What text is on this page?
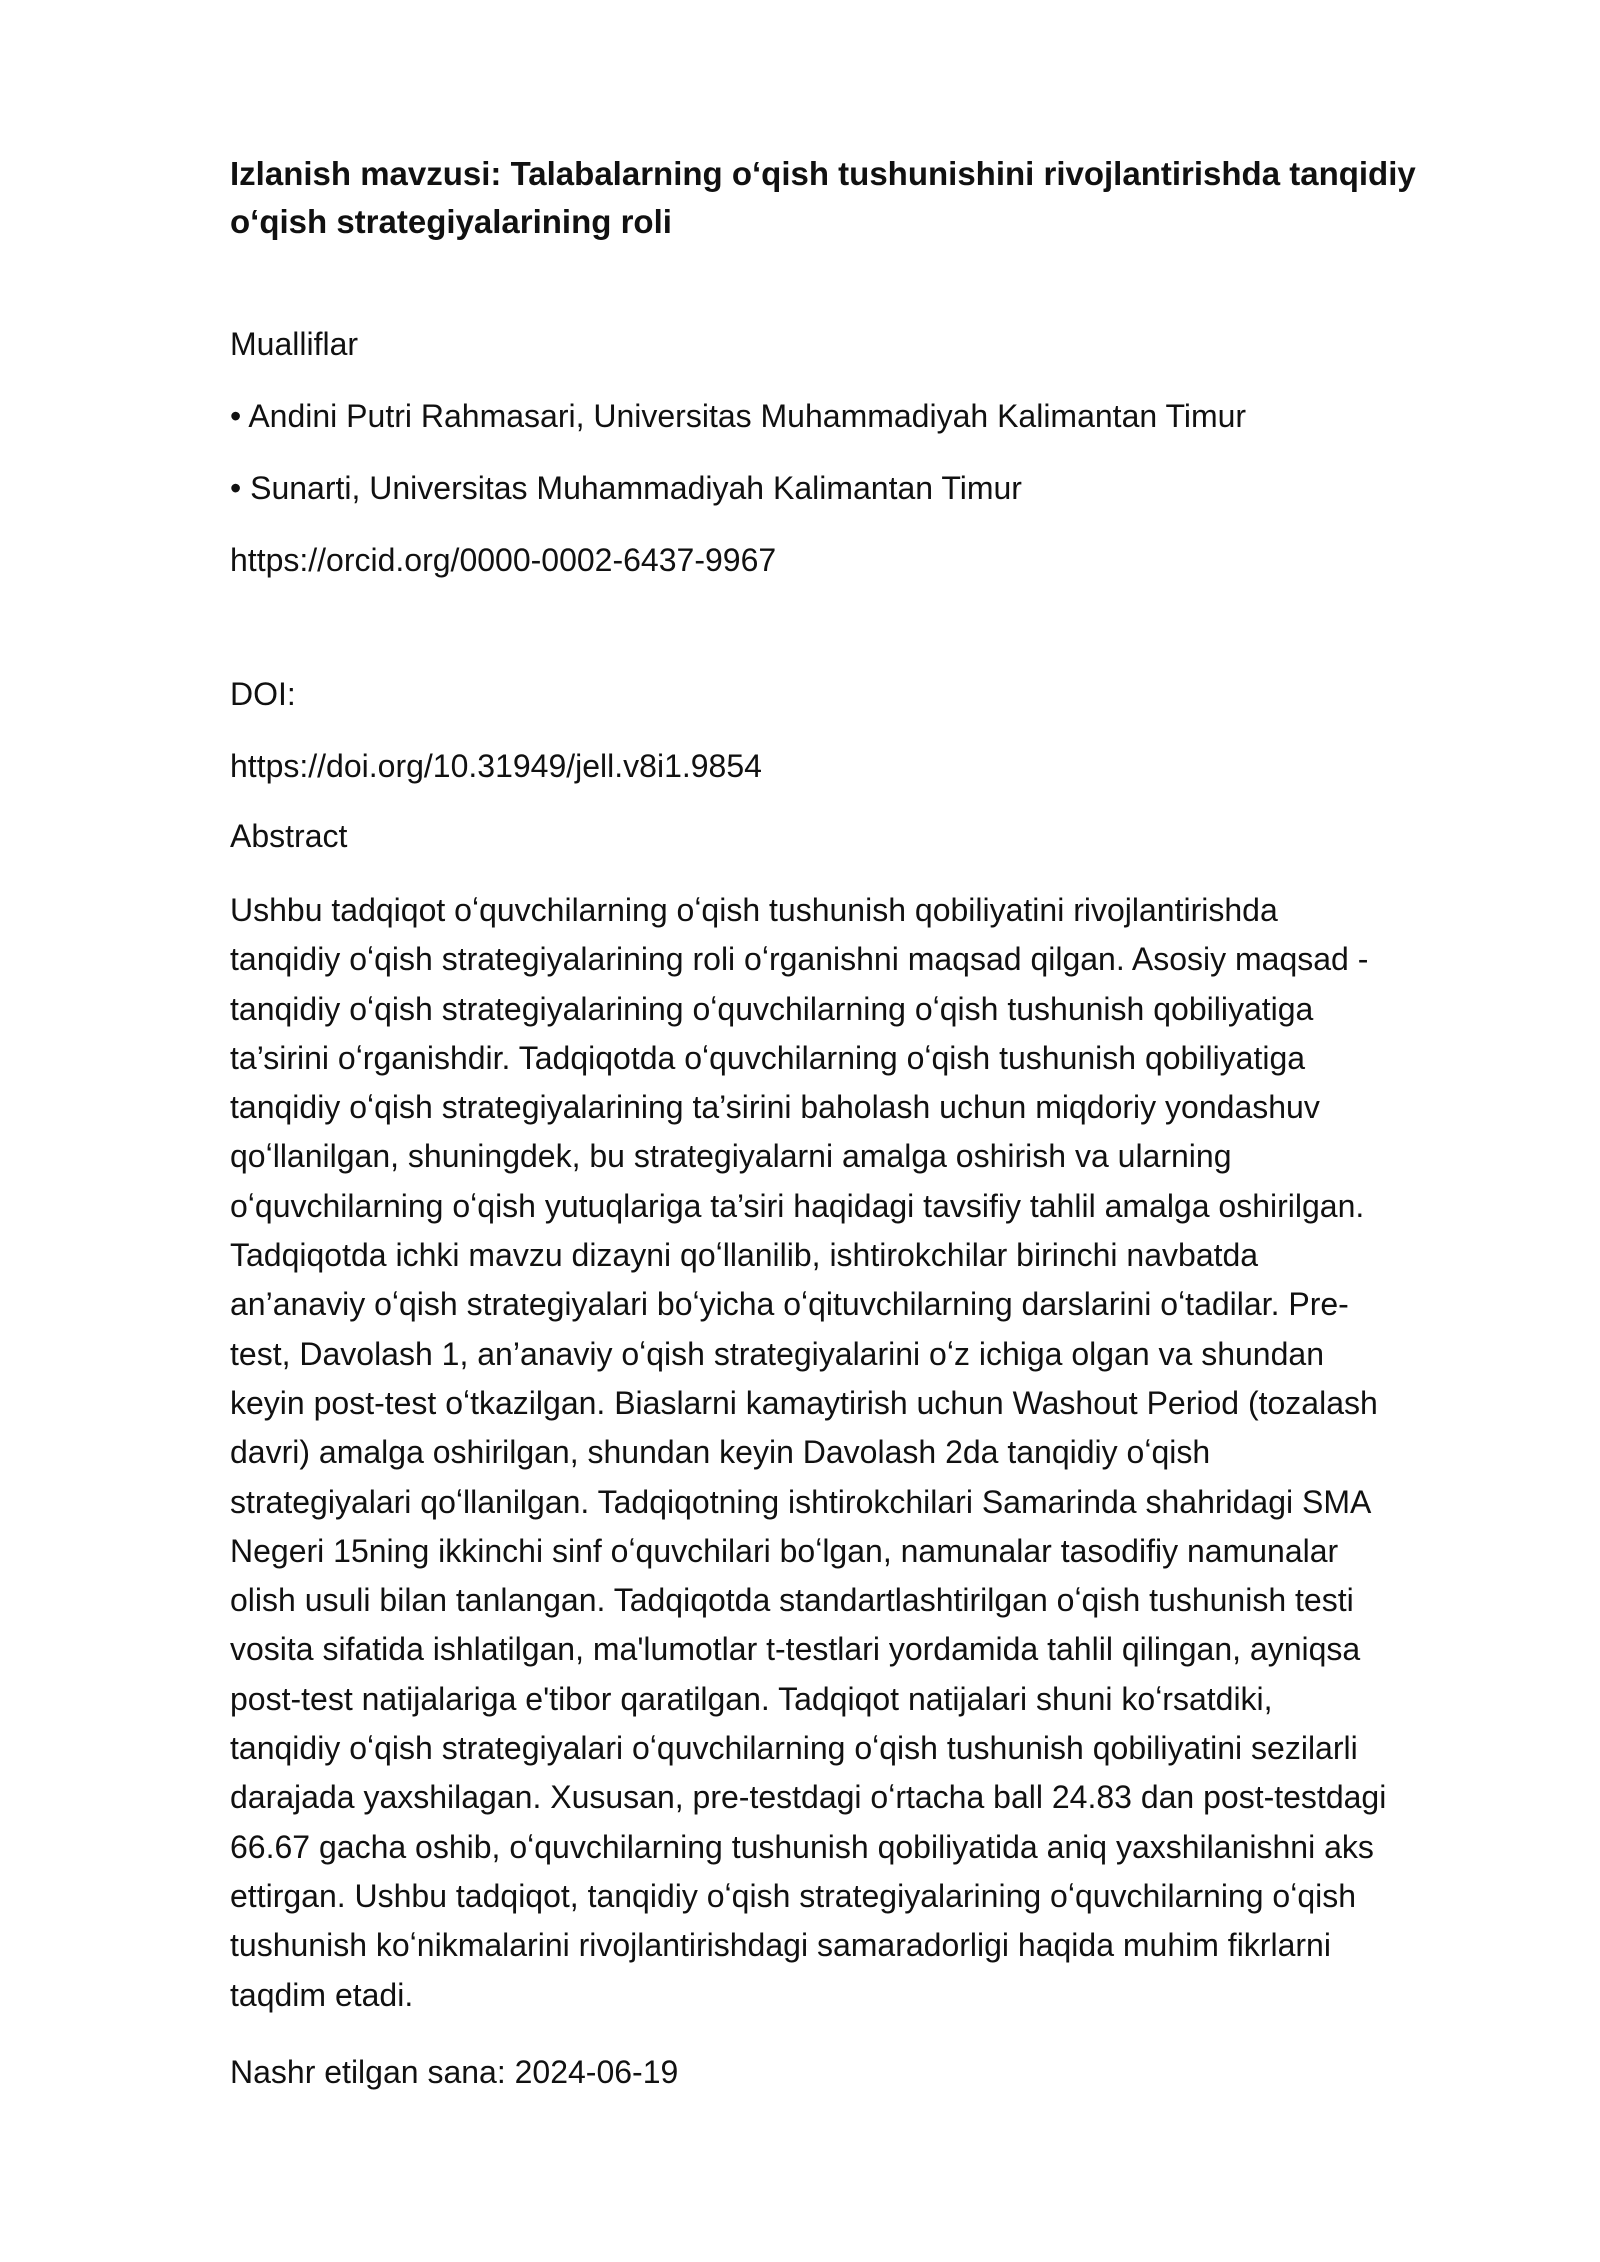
Izlanish mavzusi: Talabalarning oʻqish tushunishini rivojlantirishda tanqidiy oʻqish strategiyalarining roli

Mualliflar

• Andini Putri Rahmasari, Universitas Muhammadiyah Kalimantan Timur

• Sunarti, Universitas Muhammadiyah Kalimantan Timur

https://orcid.org/0000-0002-6437-9967

DOI:

https://doi.org/10.31949/jell.v8i1.9854

Abstract

Ushbu tadqiqot oʻquvchilarning oʻqish tushunish qobiliyatini rivojlantirishda
tanqidiy oʻqish strategiyalarining roli oʻrganishni maqsad qilgan. Asosiy maqsad -
tanqidiy oʻqish strategiyalarining oʻquvchilarning oʻqish tushunish qobiliyatiga
ta’sirini oʻrganishdir. Tadqiqotda oʻquvchilarning oʻqish tushunish qobiliyatiga
tanqidiy oʻqish strategiyalarining ta’sirini baholash uchun miqdoriy yondashuv
qoʻllanilgan, shuningdek, bu strategiyalarni amalga oshirish va ularning
oʻquvchilarning oʻqish yutuqlariga ta’siri haqidagi tavsifiy tahlil amalga oshirilgan.
Tadqiqotda ichki mavzu dizayni qoʻllanilib, ishtirokchilar birinchi navbatda
an’anaviy oʻqish strategiyalari boʻyicha oʻqituvchilarning darslarini oʻtadilar. Pre-
test, Davolash 1, an’anaviy oʻqish strategiyalarini oʻz ichiga olgan va shundan
keyin post-test oʻtkazilgan. Biaslarni kamaytirish uchun Washout Period (tozalash
davri) amalga oshirilgan, shundan keyin Davolash 2da tanqidiy oʻqish
strategiyalari qoʻllanilgan. Tadqiqotning ishtirokchilari Samarinda shahridagi SMA
Negeri 15ning ikkinchi sinf oʻquvchilari boʻlgan, namunalar tasodifiy namunalar
olish usuli bilan tanlangan. Tadqiqotda standartlashtirilgan oʻqish tushunish testi
vosita sifatida ishlatilgan, ma'lumotlar t-testlari yordamida tahlil qilingan, ayniqsa
post-test natijalariga e'tibor qaratilgan. Tadqiqot natijalari shuni koʻrsatdiki,
tanqidiy oʻqish strategiyalari oʻquvchilarning oʻqish tushunish qobiliyatini sezilarli
darajada yaxshilagan. Xususan, pre-testdagi oʻrtacha ball 24.83 dan post-testdagi
66.67 gacha oshib, oʻquvchilarning tushunish qobiliyatida aniq yaxshilanishni aks
ettirgan. Ushbu tadqiqot, tanqidiy oʻqish strategiyalarining oʻquvchilarning oʻqish
tushunish koʻnikmalarini rivojlantirishdagi samaradorligi haqida muhim fikrlarni
taqdim etadi.

Nashr etilgan sana: 2024-06-19
